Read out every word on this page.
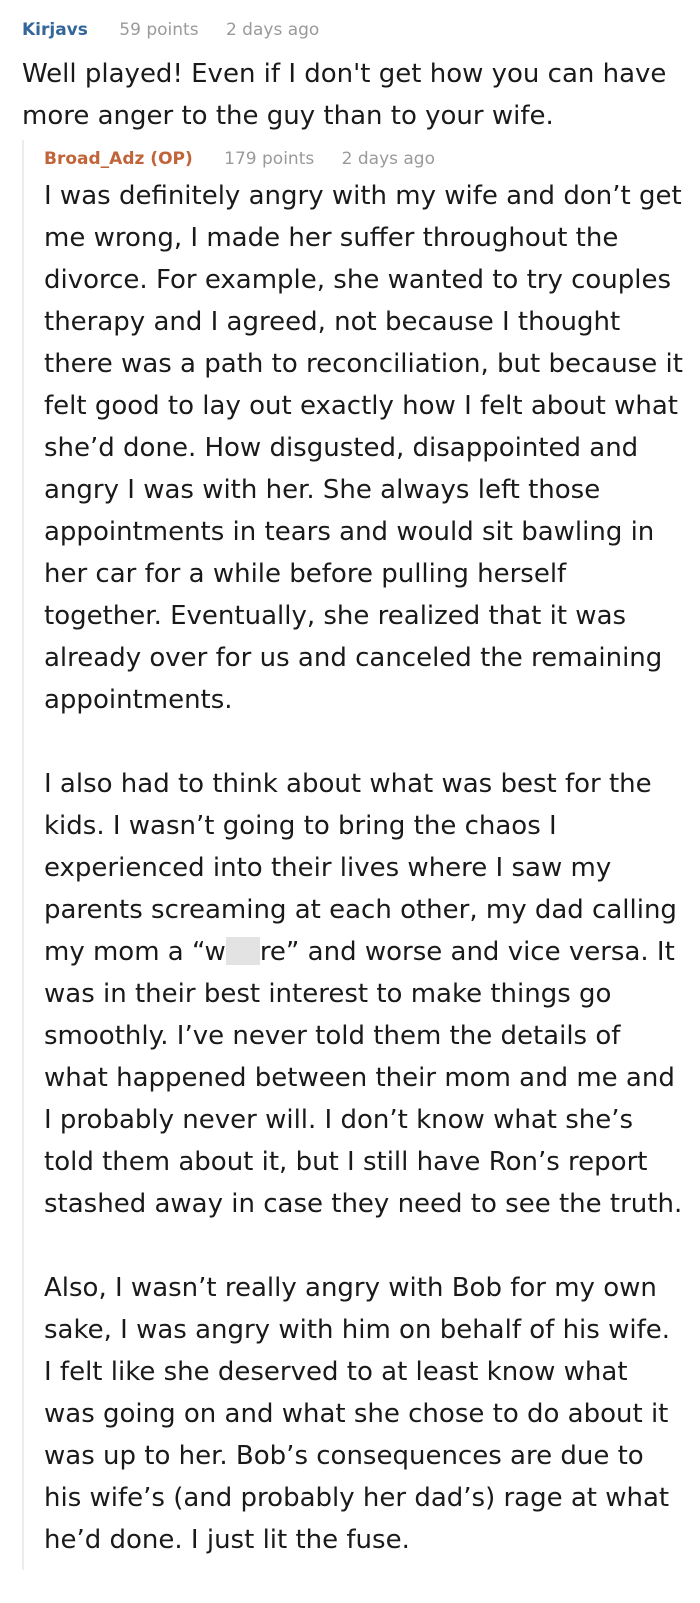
Kirjavs 59 points 2 days ago
Well played! Even if I don't get how you can have more anger to the guy than to your wife.
Broad_Adz (OP) 179 points 2 days ago

I was definitely angry with my wife and don’t get me wrong, I made her suffer throughout the divorce. For example, she wanted to try couples therapy and I agreed, not because I thought there was a path to reconciliation, but because it felt good to lay out exactly how I felt about what she’d done. How disgusted, disappointed and angry I was with her. She always left those appointments in tears and would sit bawling in her car for a while before pulling herself together. Eventually, she realized that it was already over for us and canceled the remaining appointments.

I also had to think about what was best for the kids. I wasn’t going to bring the chaos I experienced into their lives where I saw my parents screaming at each other, my dad calling my mom a “w re” and worse and vice versa. It was in their best interest to make things go smoothly. I’ve never told them the details of what happened between their mom and me and I probably never will. I don’t know what she’s told them about it, but I still have Ron’s report stashed away in case they need to see the truth.

Also, I wasn’t really angry with Bob for my own sake, I was angry with him on behalf of his wife. I felt like she deserved to at least know what was going on and what she chose to do about it was up to her. Bob’s consequences are due to his wife’s (and probably her dad’s) rage at what he’d done. I just lit the fuse.
